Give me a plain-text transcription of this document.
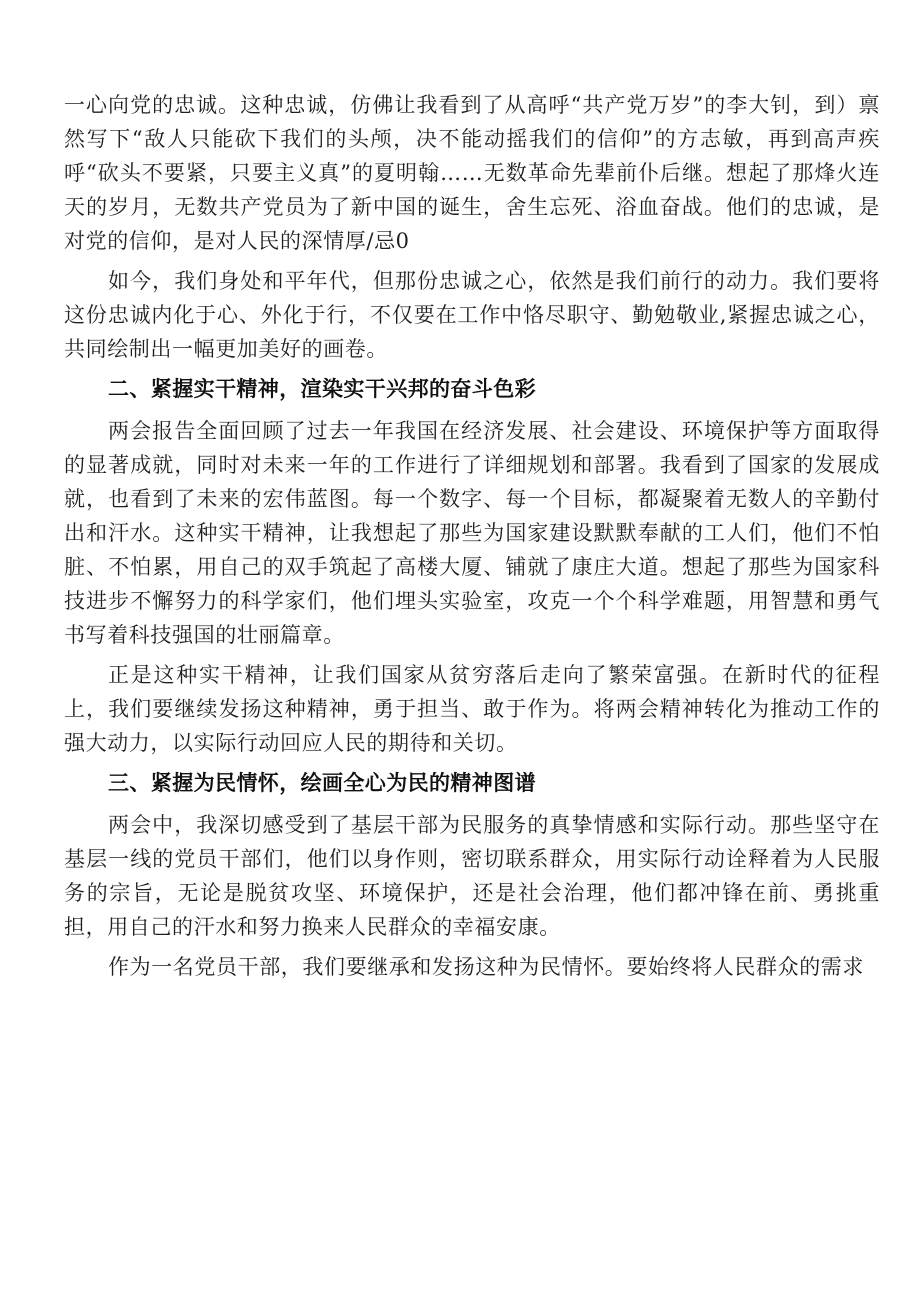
一心向党的忠诚。这种忠诚，仿佛让我看到了从高呼“共产党万岁”的李大钊，到）禀然写下“敌人只能砍下我们的头颅，决不能动摇我们的信仰”的方志敏，再到高声疾呼“砍头不要紧，只要主义真”的夏明翰……无数革命先辈前仆后继。想起了那烽火连天的岁月，无数共产党员为了新中国的诞生，舍生忘死、浴血奋战。他们的忠诚，是对党的信仰，是对人民的深情厚/忌0

如今，我们身处和平年代，但那份忠诚之心，依然是我们前行的动力。我们要将这份忠诚内化于心、外化于行，不仅要在工作中恪尽职守、勤勉敬业,紧握忠诚之心，共同绘制出一幅更加美好的画卷。

二、紧握实干精神，渲染实干兴邦的奋斗色彩

两会报告全面回顾了过去一年我国在经济发展、社会建设、环境保护等方面取得的显著成就，同时对未来一年的工作进行了详细规划和部署。我看到了国家的发展成就，也看到了未来的宏伟蓝图。每一个数字、每一个目标，都凝聚着无数人的辛勤付出和汗水。这种实干精神，让我想起了那些为国家建设默默奉献的工人们，他们不怕脏、不怕累，用自己的双手筑起了高楼大厦、铺就了康庄大道。想起了那些为国家科技进步不懈努力的科学家们，他们埋头实验室，攻克一个个科学难题，用智慧和勇气书写着科技强国的壮丽篇章。

正是这种实干精神，让我们国家从贫穷落后走向了繁荣富强。在新时代的征程上，我们要继续发扬这种精神，勇于担当、敢于作为。将两会精神转化为推动工作的强大动力，以实际行动回应人民的期待和关切。

三、紧握为民情怀，绘画全心为民的精神图谱

两会中，我深切感受到了基层干部为民服务的真挚情感和实际行动。那些坚守在基层一线的党员干部们，他们以身作则，密切联系群众，用实际行动诠释着为人民服务的宗旨，无论是脱贫攻坚、环境保护，还是社会治理，他们都冲锋在前、勇挑重担，用自己的汗水和努力换来人民群众的幸福安康。

作为一名党员干部，我们要继承和发扬这种为民情怀。要始终将人民群众的需求
